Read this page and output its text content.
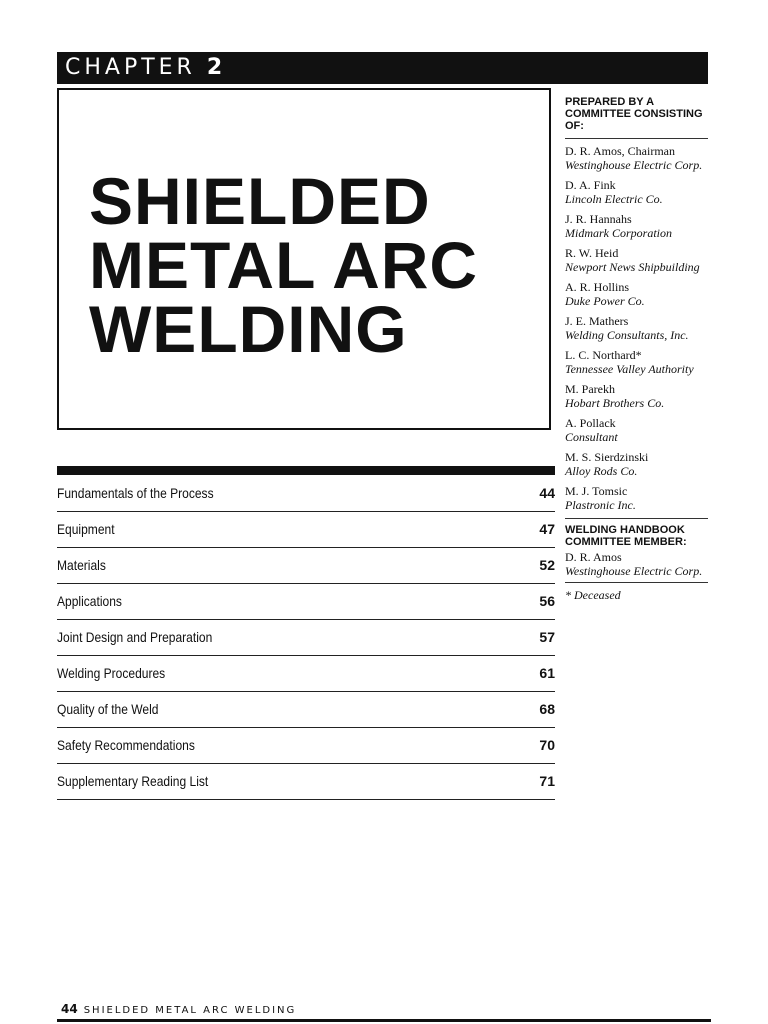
CHAPTER 2
SHIELDED
METAL ARC
WELDING
Fundamentals of the Process	44
Equipment	47
Materials	52
Applications	56
Joint Design and Preparation	57
Welding Procedures	61
Quality of the Weld	68
Safety Recommendations	70
Supplementary Reading List	71
PREPARED BY A COMMITTEE CONSISTING OF:
D. R. Amos, Chairman
Westinghouse Electric Corp.
D. A. Fink
Lincoln Electric Co.
J. R. Hannahs
Midmark Corporation
R. W. Heid
Newport News Shipbuilding
A. R. Hollins
Duke Power Co.
J. E. Mathers
Welding Consultants, Inc.
L. C. Northard*
Tennessee Valley Authority
M. Parekh
Hobart Brothers Co.
A. Pollack
Consultant
M. S. Sierdzinski
Alloy Rods Co.
M. J. Tomsic
Plastronic Inc.
WELDING HANDBOOK COMMITTEE MEMBER:
D. R. Amos
Westinghouse Electric Corp.
* Deceased
44 SHIELDED METAL ARC WELDING
